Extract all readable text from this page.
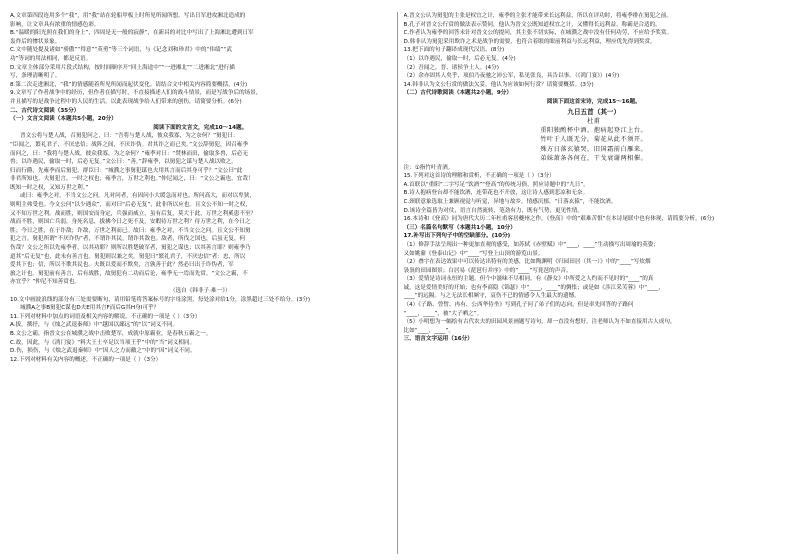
A.文章第四段连用多个“我”，用“我”站在轮船甲板上时所见所闻所想，写出日军进攻湘北造成的
影响，让文章具有浓重的情感色彩。
B.“温暖的阳光照在我们的身上”，四周是无一般的寂静”，在新昌的对比中写出了上海湘北遭到日军
轰炸后的惨状景象。
C.文中随处提及诸如“骄傲”“得意”“英勇”等三个词语，与《记念刘和珍君》中的“伟绩”“武
功”等词的用法相同，都是反语。
D.文章主体部分采用片段式结构，按时间顺序开“回上海途中”“一进湘北”“二进湘北”进行描
写，条理清晰明了。
8.第二次走进湘北，“我”的情感随着所见所闻而起伏变化。请结合文中相关内容简要概括。(4分)
9.文章写了作者战争中的经历，但作者在描写时，不直接描述人们的战斗情景，而是写战争后的场景，
并且描写的是战争过程中的人民的生活，以此表现战争给人们带来的创伤，请简要分析。(6分)
二、古代诗文阅读（35分）
（一）文言文阅读（本题共5小题，20分）
阅读下面的文言文，完成10～14题。
晋文公将与楚人战，召舅犯问之，曰：“吾将与楚人战，彼众我寡，为之奈何？”舅犯曰：
“臣闻之，繁礼君子，不厌忠信；战阵之间，不厌诈伪。君其诈之而已矣。”文公辞舅犯，因召雍季
而问之，曰：“我将与楚人战，彼众我寡，为之奈何？”雍季对曰：“焚林而田，偷取多兽，后必无
兽；以诈遇民，偷取一时，后必无复。”文公曰：“善。”辞雍季，以舅犯之谋与楚人战以败之。
归而行爵，先雍季而后舅犯。群臣曰：“城濮之事舅犯谋也夫用其言而后其身可乎？”文公曰“此
非君所知也。夫舅犯言，一时之权也；雍季言，万世之利也。”仲尼闻之，曰：“文公之霸也，宜哉！
既知一时之权，又知万世之利。”
或曰：雍季之对，不当文公之问。凡对问者，有因问小大缓急而对也。所问高大，而对以卑狭，
则明主弗受也。今文公问“以少遇众”，而对曰“后必无复”，此非所以应也。且文公不知一时之权，
又不知万世之利。战而胜，则国安而身定，兵强而威立，虽有后复，莫大于此，万世之利奚患不至？
战而不胜，则国亡兵弱，身死名息，拔拂今日之死不及，安暇待万世之利？待万世之利，在今日之
胜；今日之胜，在于诈敌；诈敌，万世之利而已。故曰：雍季之对，不当文公之问。且文公不知舅
犯之言。舅犯所谓“不厌诈伪”者，不谓诈其民，谓诈其敌也。敌者，所伐之国也，后虽无复，何
伤哉？文公之所以先雍季者，以其功耶？则所以胜楚破军者，舅犯之谋也；以其善言耶？则雍季乃
道其“后无复”也，此未有善言也。舅犯则以兼之矣。舅犯曰“繁礼君子，不厌忠信”者：忠，所以
爱其下也；信，所以不欺其民也。夫既以爱而不欺矣，言孰善于此？然必曰出于诈伪者，军
旅之计也。舅犯前有善言，后有战胜，故舅犯有二功而后论，雍季无一焉而先赏。“文公之霸，不
亦宜乎？”仲尼不知善赏也。
（选自《韩非子·难一》）
10.文中画波浪线的部分有三处需要断句，请用铅笔将答案标号的字母涂黑，每处涂对给1分，涂黑超过三处不给分。(3分)
城濮A之事B舅犯C谋也D夫E用其言F而后G其H身I可乎？
11.下列对材料中加点的词语及相关内容的解说，不正确的一项是（ ）（3分）
A.拔，撰抒，与《烛之武退秦师》中“越国以鄙远”的“以”词义不同。
B.文公之霸，指晋文公在城濮之战中击败楚军，成就中原霸业，是春秋五霸之一。
C.故，因此，与《鸿门宴》“料大王士卒足以当项王乎”中的“当”词义相同。
D.伤，损伤，与《烛之武退秦师》中“因人之力而敝之”中的“因”词义不同。
12.下列对材料有关内容的概述，不正确的一项是（ ）（3分）
A.晋文公认为舅犯的主张是权宜之计，雍季的主张才能带来长远利益，所以在评功时，将雍季排在舅犯之前。
B.孔子对晋文公行赏的做法表示赞同，他认为晋文公既知道权宜之计，又懂得长远利益，称霸是合适的。
C.作者认为雍季的回答未针对晋文公的提问，其主张不切实际，在城濮之战中没有任何功劳，不应给予奖赏。
D.韩非认为舅犯采用欺诈之术是战争的需要，也符合着眼的眼前利益与长远利益，理应优先得到奖赏。
13.把下面的句子翻译成现代汉语。(8分)
（1）以诈遇民，偷取一时，后必无复。(4分)
（2）吾闻之，晋、诸侯争土人。(4分)
（2）余亦固其人矣乎，项伯乃夜驰之沛公军，私见张良，具告以事。（《鸿门宴》）(4分)
14.韩非认为文公行赏的做法欠妥，他认为应该如何行赏？请简要概括。(3分)
（二）古代诗歌阅读（本题共2小题，9分）
阅读下面这首宋诗，完成15～16题。
九日五首（其一）
杜甫
重阳独酌杯中酒，抱病起登江上台。
竹叶于人既无分，菊花从此不须开。
殊方日落玄猿哭，旧国霜前白雁来。
弟妹萧条各何在，干戈衰谢两相催。
注：①指竹叶青酒。
15.下列对这首诗的理解和赏析，不正确的一项是（ ）（3分）
A.首联以“重阳”二字写足“饮酒”“登高”的传统习俗，照应诗题中的“九日”。
B.诗人抱病登台却不能饮酒，连带花也不开放，这让诗人感到悲凉和无奈。
C.颈联意象选取上兼顾视觉与听觉，异地与故乡，情感沉郁，“日落玄猿”，不能饮酒。
D.该诗全篇皆为对仗，语言自然流转，笔劲有力，既有气势，更见性情。
16.本诗和《登高》同为唐代大历二年杜甫客居夔州之作，《登高》中的“艰难苦恨”在本诗尾联中也有体现，请简要分析。(6分)
（三）名篇名句默写（本题共1小题，10分）
17.补写出下列句子中的空缺部分。(10分)
（1）修辞手法呈现出一种更加直观的感受，如苏轼《赤壁赋》中“____，____”生动描写出周瑜的英姿；
又如姚鼐《登泰山记》中“____”写登上山顶的游览山景。
（2）叠字在表达效果中可以传达出特有的美感，比如陶渊明《归园田居（其一）》中的“____”写炊烟
袅袅的田园图景；白居易《琵琶行并序》中的“____”写琵琶的声音。
（3）爱情是诗词永恒的主题。但个中滋味不尽相同，有《静女》中所爱之人约而不见时的“____”的真
诚，这是爱情美好的开始；也有李商隐《锦瑟》中“____，____”的惆怅；或是如《涉江采芙蓉》中“____，
____”的远隔。与之无法长相厮守，哀伤不已的情感令人生最大的遗憾。
（4）《子路、曾皙、冉有、公西华侍坐》写到孔子问了弟子们的志向，但是率先回答的子路问
“____，____”，被“大子哂之”。
（5）小明想为一幅绘有古代农夫的田园风景画题写诗句，却一直没有想好。注老师认为不如直接用古人成句，
比如“____，____”。
三、语言文字运用（16分）
